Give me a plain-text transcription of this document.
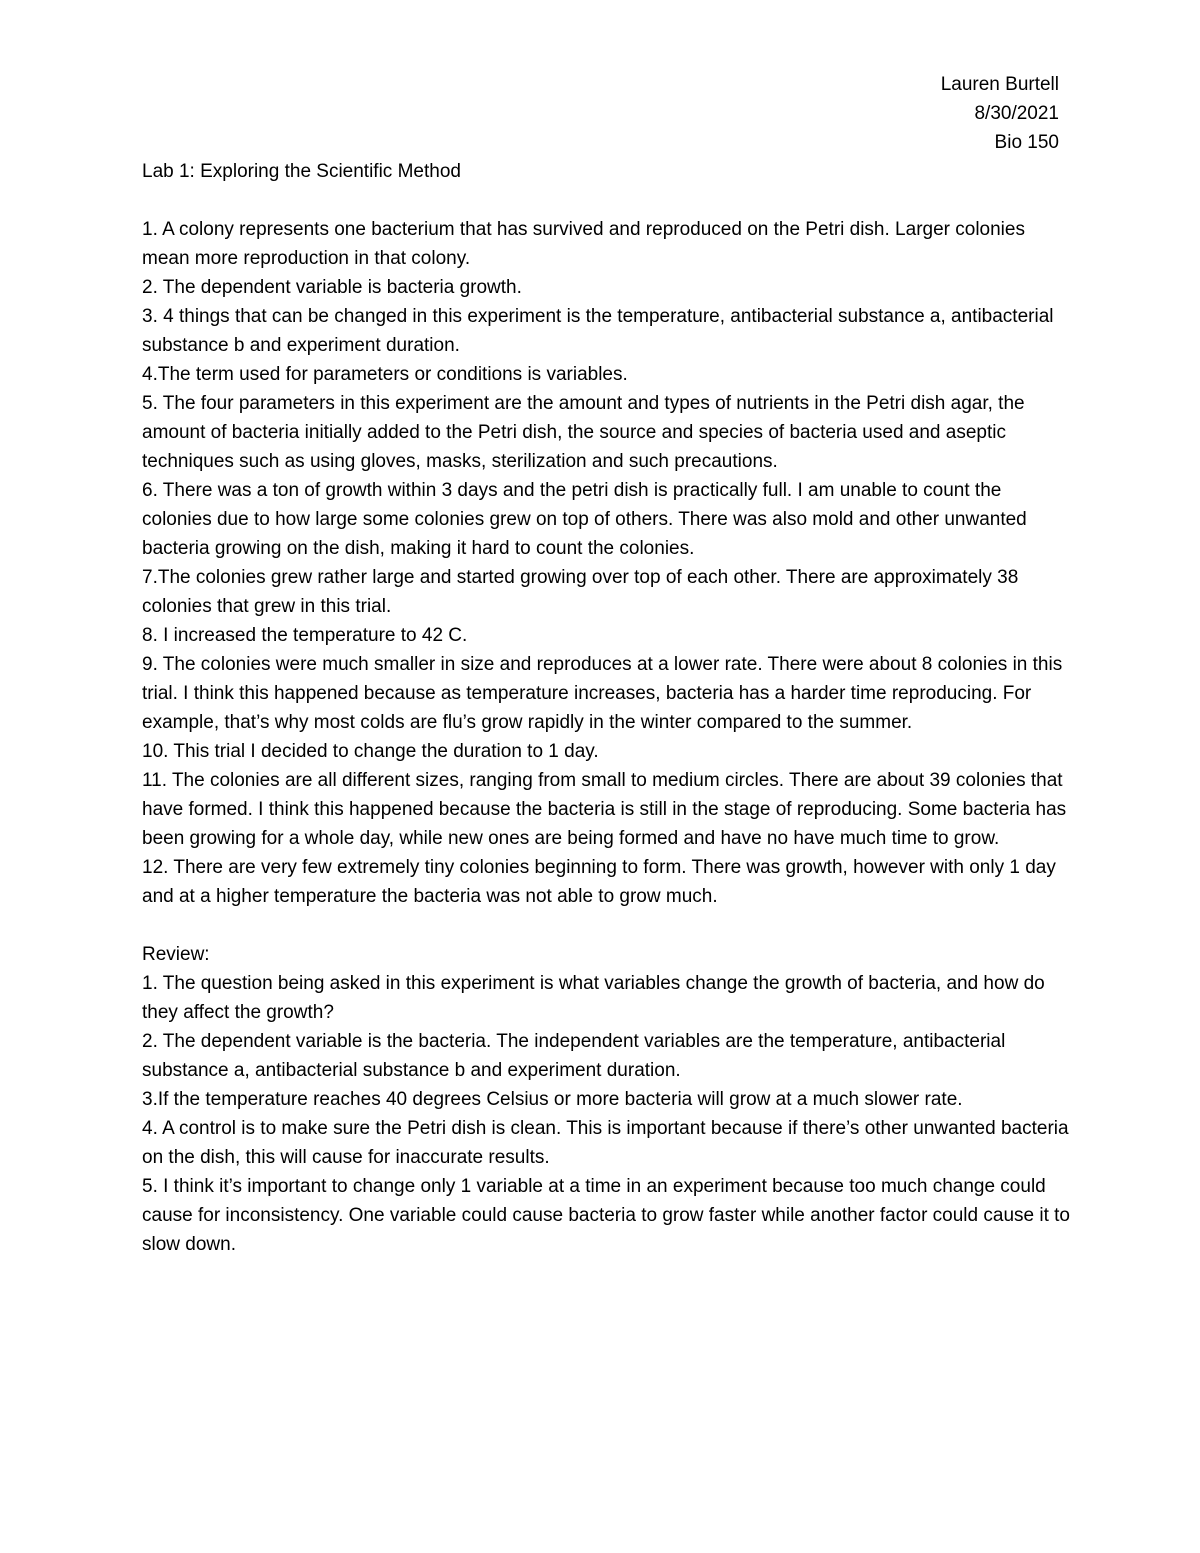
Lauren Burtell
8/30/2021
Bio 150

Lab 1: Exploring the Scientific Method

1. A colony represents one bacterium that has survived and reproduced on the Petri dish. Larger colonies mean more reproduction in that colony.

2. The dependent variable is bacteria growth.

3. 4 things that can be changed in this experiment is the temperature, antibacterial substance a, antibacterial substance b and experiment duration.

4.The term used for parameters or conditions is variables.

5. The four parameters in this experiment are the amount and types of nutrients in the Petri dish agar, the amount of bacteria initially added to the Petri dish, the source and species of bacteria used and aseptic techniques such as using gloves, masks, sterilization and such precautions.

6. There was a ton of growth within 3 days and the petri dish is practically full. I am unable to count the colonies due to how large some colonies grew on top of others. There was also mold and other unwanted bacteria growing on the dish, making it hard to count the colonies.

7.The colonies grew rather large and started growing over top of each other. There are approximately 38 colonies that grew in this trial.

8. I increased the temperature to 42 C.

9. The colonies were much smaller in size and reproduces at a lower rate. There were about 8 colonies in this trial. I think this happened because as temperature increases, bacteria has a harder time reproducing. For example, that’s why most colds are flu’s grow rapidly in the winter compared to the summer.

10. This trial I decided to change the duration to 1 day.

11. The colonies are all different sizes, ranging from small to medium circles. There are about 39 colonies that have formed. I think this happened because the bacteria is still in the stage of reproducing. Some bacteria has been growing for a whole day, while new ones are being formed and have no have much time to grow.

12. There are very few extremely tiny colonies beginning to form. There was growth, however with only 1 day and at a higher temperature the bacteria was not able to grow much.

Review:

1. The question being asked in this experiment is what variables change the growth of bacteria, and how do they affect the growth?

2. The dependent variable is the bacteria. The independent variables are the temperature, antibacterial substance a, antibacterial substance b and experiment duration.

3.If the temperature reaches 40 degrees Celsius or more bacteria will grow at a much slower rate.

4. A control is to make sure the Petri dish is clean. This is important because if there’s other unwanted bacteria on the dish, this will cause for inaccurate results.

5. I think it’s important to change only 1 variable at a time in an experiment because too much change could cause for inconsistency. One variable could cause bacteria to grow faster while another factor could cause it to slow down.
